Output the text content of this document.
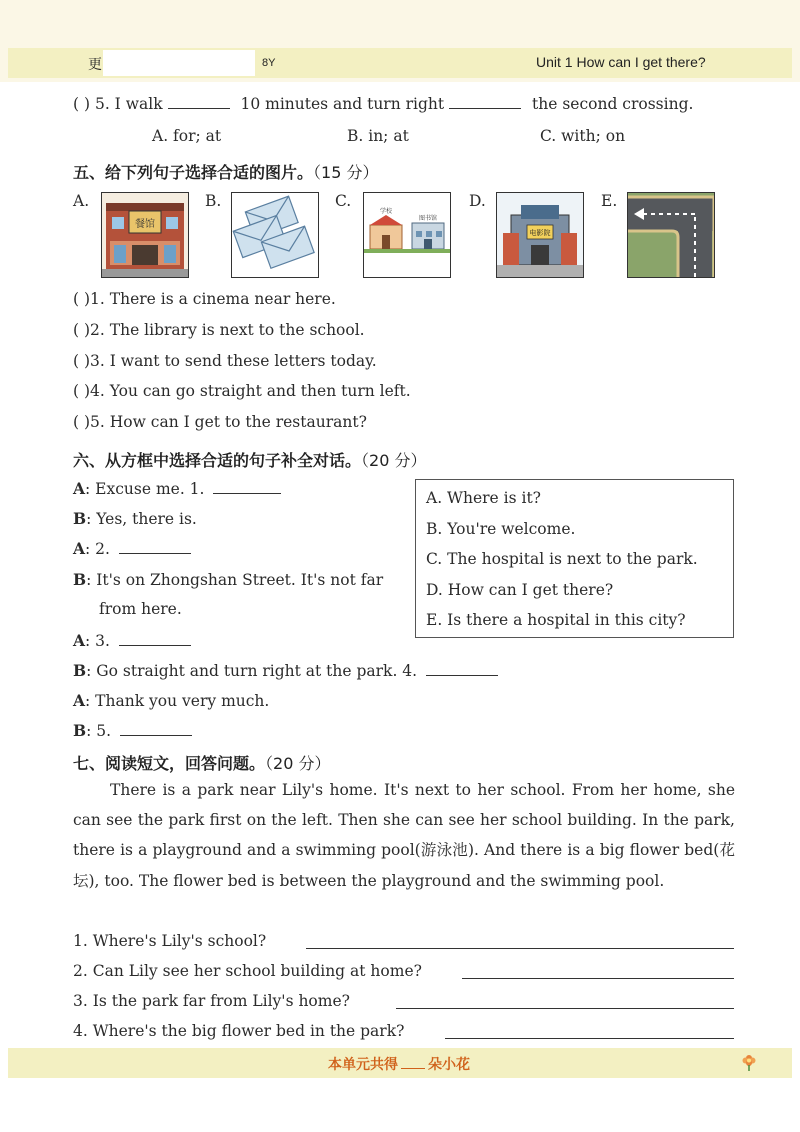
更	8Y	Unit 1 How can I get there?
( ) 5. I walk	10 minutes and turn right	the second crossing.
A. for; at	B. in; at	C. with; on
五、给下列句子选择合适的图片。（15 分）
A.	B.	C.	D.	E.
餐馆
学校
图书馆
电影院
( )1. There is a cinema near here.
( )2. The library is next to the school.
( )3. I want to send these letters today.
( )4. You can go straight and then turn left.
( )5. How can I get to the restaurant?
六、从方框中选择合适的句子补全对话。（20 分）
A: Excuse me. 1.
B: Yes, there is.
A: 2.
B: It's on Zhongshan Street. It's not far
from here.
A: 3.
B: Go straight and turn right at the park. 4.
A: Thank you very much.
B: 5.
A. Where is it?
B. You're welcome.
C. The hospital is next to the park.
D. How can I get there?
E. Is there a hospital in this city?
七、阅读短文，回答问题。（20 分）
There is a park near Lily's home. It's next to her school. From her home, she can see the park first on the left. Then she can see her school building. In the park, there is a playground and a swimming pool(游泳池). And there is a big flower bed(花坛), too. The flower bed is between the playground and the swimming pool.
1. Where's Lily's school?
2. Can Lily see her school building at home?
3. Is the park far from Lily's home?
4. Where's the big flower bed in the park?
本单元共得 朵小花
